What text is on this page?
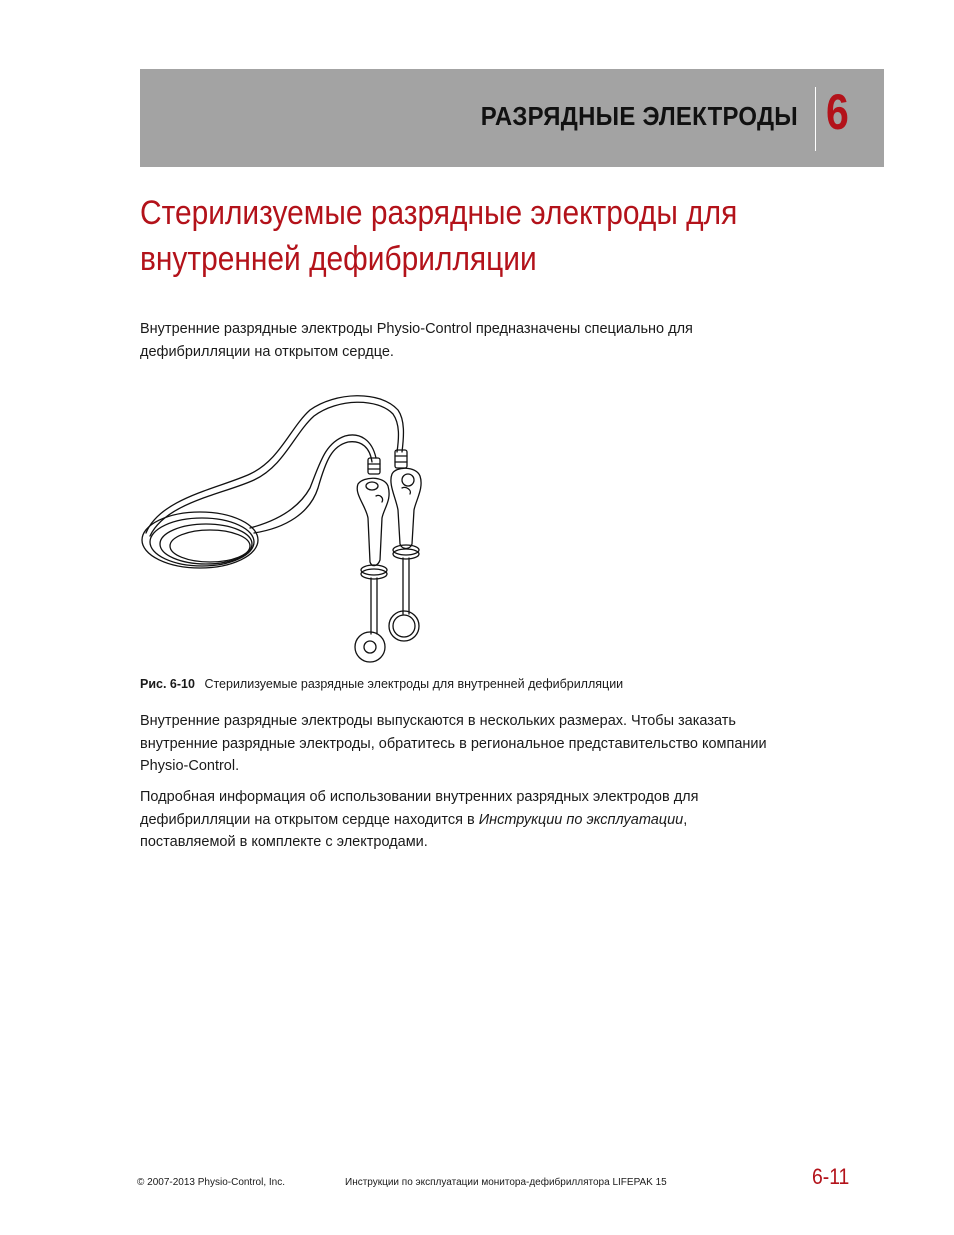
РАЗРЯДНЫЕ ЭЛЕКТРОДЫ 6
Стерилизуемые разрядные электроды для
внутренней дефибрилляции
Внутренние разрядные электроды Physio-Control предназначены специально для
дефибрилляции на открытом сердце.
Рис. 6-10 Стерилизуемые разрядные электроды для внутренней дефибрилляции
Внутренние разрядные электроды выпускаются в нескольких размерах. Чтобы заказать
внутренние разрядные электроды, обратитесь в региональное представительство компании
Physio-Control.
Подробная информация об использовании внутренних разрядных электродов для
дефибрилляции на открытом сердце находится в Инструкции по эксплуатации,
поставляемой в комплекте с электродами.
© 2007-2013 Physio-Control, Inc.	Инструкции по эксплуатации монитора-дефибриллятора LIFEPAK 15	6-11
